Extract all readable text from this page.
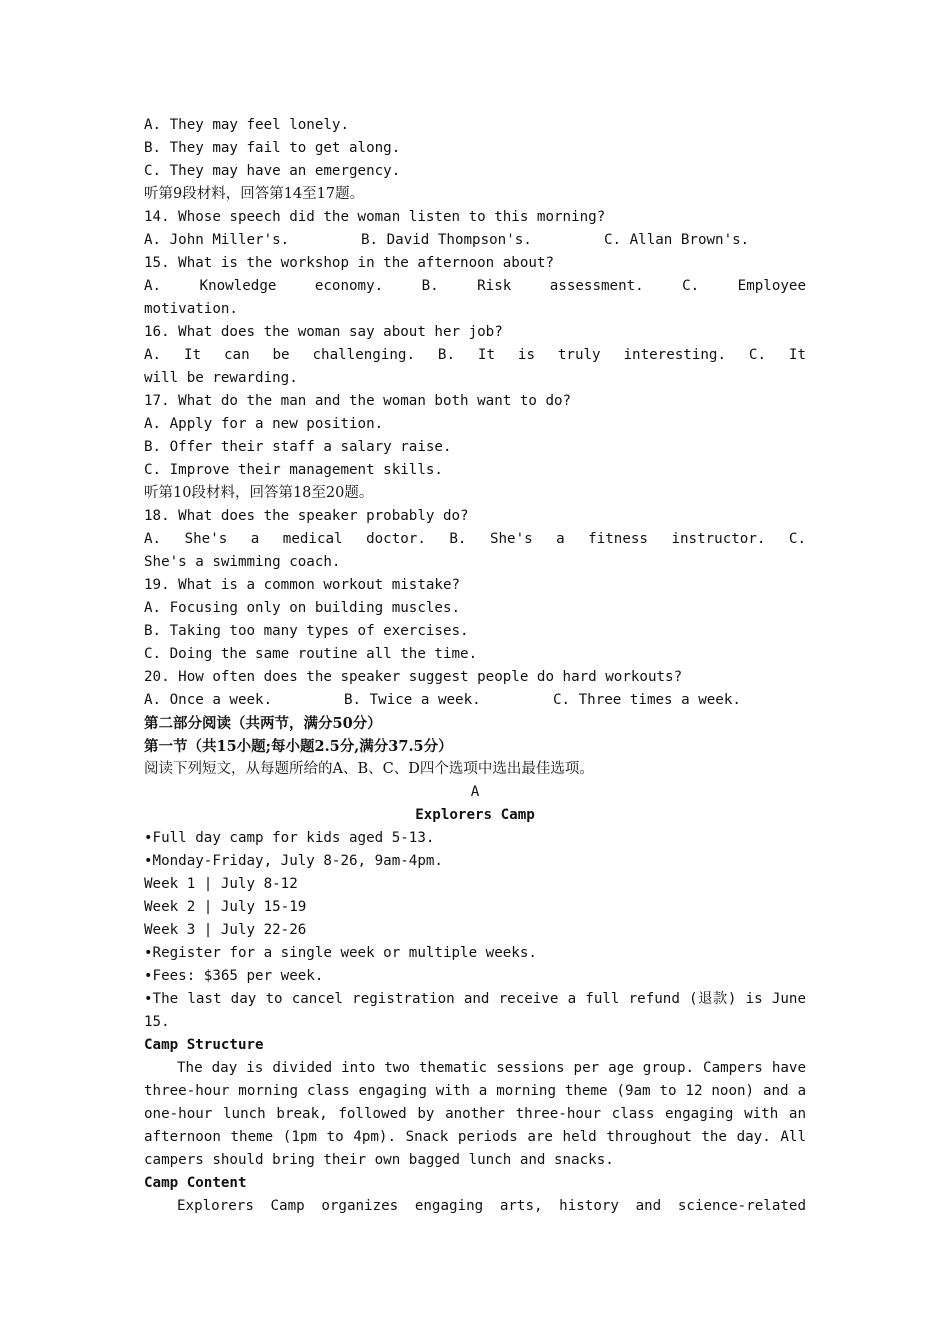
A. They may feel lonely.
B. They may fail to get along.
C. They may have an emergency.
听第9段材料，回答第14至17题。
14. Whose speech did the woman listen to this morning?
A. John Miller's.	B. David Thompson's.	C. Allan Brown's.
15. What is the workshop in the afternoon about?
A. Knowledge economy. B. Risk assessment. C. Employee
motivation.
16. What does the woman say about her job?
A. It can be challenging. B. It is truly interesting. C. It
will be rewarding.
17. What do the man and the woman both want to do?
A. Apply for a new position.
B. Offer their staff a salary raise.
C. Improve their management skills.
听第10段材料，回答第18至20题。
18. What does the speaker probably do?
A. She's a medical doctor. B. She's a fitness instructor. C.
She's a swimming coach.
19. What is a common workout mistake?
A. Focusing only on building muscles.
B. Taking too many types of exercises.
C. Doing the same routine all the time.
20. How often does the speaker suggest people do hard workouts?
A. Once a week.	B. Twice a week.	C. Three times a week.
第二部分阅读（共两节，满分50分）
第一节（共15小题;每小题2.5分,满分37.5分）
阅读下列短文，从每题所给的A、B、C、D四个选项中选出最佳选项。
A
Explorers Camp
•Full day camp for kids aged 5-13.
•Monday-Friday, July 8-26, 9am-4pm.
Week 1 | July 8-12
Week 2 | July 15-19
Week 3 | July 22-26
•Register for a single week or multiple weeks.
•Fees: $365 per week.
•The last day to cancel registration and receive a full refund (退款) is June
15.
Camp Structure
The day is divided into two thematic sessions per age group. Campers have
three-hour morning class engaging with a morning theme (9am to 12 noon) and a
one-hour lunch break, followed by another three-hour class engaging with an
afternoon theme (1pm to 4pm). Snack periods are held throughout the day. All
campers should bring their own bagged lunch and snacks.
Camp Content
Explorers Camp organizes engaging arts, history and science-related
